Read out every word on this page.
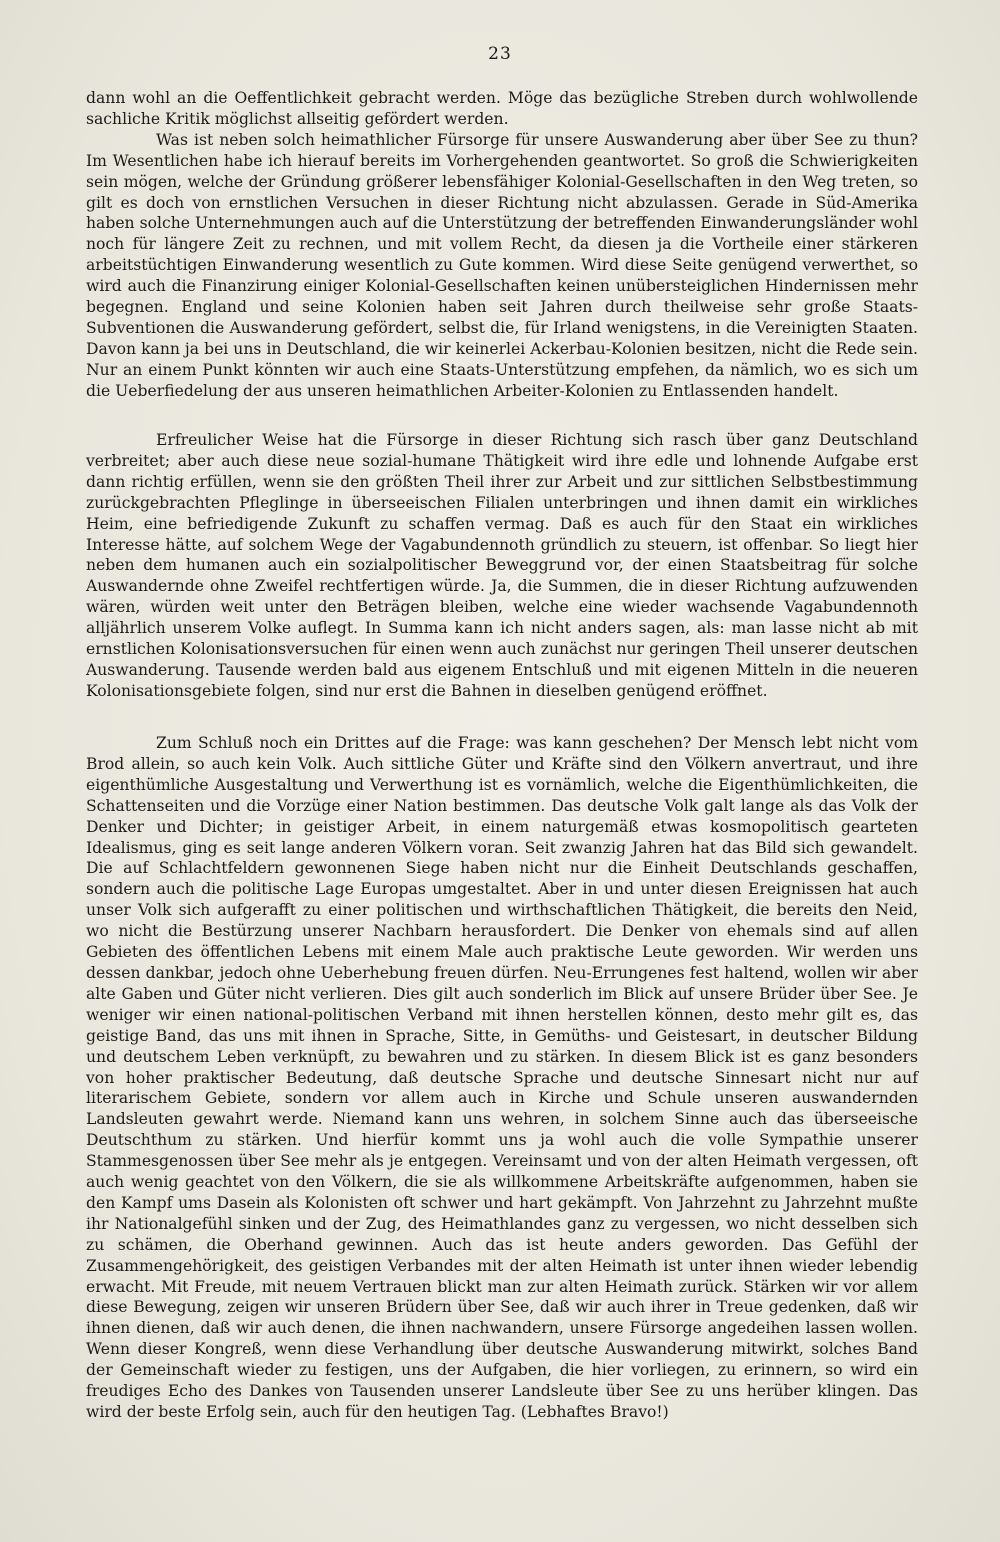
23

dann wohl an die Oeffentlichkeit gebracht werden. Möge das bezügliche Streben durch wohlwollende sachliche Kritik möglichst allseitig gefördert werden.

Was ist neben solch heimathlicher Fürsorge für unsere Auswanderung aber über See zu thun? Im Wesentlichen habe ich hierauf bereits im Vorhergehenden geantwortet. So groß die Schwierigkeiten sein mögen, welche der Gründung größerer lebensfähiger Kolonial-Gesellschaften in den Weg treten, so gilt es doch von ernstlichen Versuchen in dieser Richtung nicht abzulassen. Gerade in Süd-Amerika haben solche Unternehmungen auch auf die Unterstützung der betreffenden Einwanderungsländer wohl noch für längere Zeit zu rechnen, und mit vollem Recht, da diesen ja die Vortheile einer stärkeren arbeitstüchtigen Einwanderung wesentlich zu Gute kommen. Wird diese Seite genügend verwerthet, so wird auch die Finanzirung einiger Kolonial-Gesellschaften keinen unübersteiglichen Hindernissen mehr begegnen. England und seine Kolonien haben seit Jahren durch theilweise sehr große Staats-Subventionen die Auswanderung gefördert, selbst die, für Irland wenigstens, in die Vereinigten Staaten. Davon kann ja bei uns in Deutschland, die wir keinerlei Ackerbau-Kolonien besitzen, nicht die Rede sein. Nur an einem Punkt könnten wir auch eine Staats-Unterstützung empfehen, da nämlich, wo es sich um die Ueberfiedelung der aus unseren heimathlichen Arbeiter-Kolonien zu Entlassenden handelt.

Erfreulicher Weise hat die Fürsorge in dieser Richtung sich rasch über ganz Deutschland verbreitet; aber auch diese neue sozial-humane Thätigkeit wird ihre edle und lohnende Aufgabe erst dann richtig erfüllen, wenn sie den größten Theil ihrer zur Arbeit und zur sittlichen Selbstbestimmung zurückgebrachten Pfleglinge in überseeischen Filialen unterbringen und ihnen damit ein wirkliches Heim, eine befriedigende Zukunft zu schaffen vermag. Daß es auch für den Staat ein wirkliches Interesse hätte, auf solchem Wege der Vagabundennoth gründlich zu steuern, ist offenbar. So liegt hier neben dem humanen auch ein sozialpolitischer Beweggrund vor, der einen Staatsbeitrag für solche Auswandernde ohne Zweifel rechtfertigen würde. Ja, die Summen, die in dieser Richtung aufzuwenden wären, würden weit unter den Beträgen bleiben, welche eine wieder wachsende Vagabundennoth alljährlich unserem Volke auflegt. In Summa kann ich nicht anders sagen, als: man lasse nicht ab mit ernstlichen Kolonisationsversuchen für einen wenn auch zunächst nur geringen Theil unserer deutschen Auswanderung. Tausende werden bald aus eigenem Entschluß und mit eigenen Mitteln in die neueren Kolonisationsgebiete folgen, sind nur erst die Bahnen in dieselben genügend eröffnet.

Zum Schluß noch ein Drittes auf die Frage: was kann geschehen? Der Mensch lebt nicht vom Brod allein, so auch kein Volk. Auch sittliche Güter und Kräfte sind den Völkern anvertraut, und ihre eigenthümliche Ausgestaltung und Verwerthung ist es vornämlich, welche die Eigenthümlichkeiten, die Schattenseiten und die Vorzüge einer Nation bestimmen. Das deutsche Volk galt lange als das Volk der Denker und Dichter; in geistiger Arbeit, in einem naturgemäß etwas kosmopolitisch gearteten Idealismus, ging es seit lange anderen Völkern voran. Seit zwanzig Jahren hat das Bild sich gewandelt. Die auf Schlachtfeldern gewonnenen Siege haben nicht nur die Einheit Deutschlands geschaffen, sondern auch die politische Lage Europas umgestaltet. Aber in und unter diesen Ereignissen hat auch unser Volk sich aufgerafft zu einer politischen und wirthschaftlichen Thätigkeit, die bereits den Neid, wo nicht die Bestürzung unserer Nachbarn herausfordert. Die Denker von ehemals sind auf allen Gebieten des öffentlichen Lebens mit einem Male auch praktische Leute geworden. Wir werden uns dessen dankbar, jedoch ohne Ueberhebung freuen dürfen. Neu-Errungenes fest haltend, wollen wir aber alte Gaben und Güter nicht verlieren. Dies gilt auch sonderlich im Blick auf unsere Brüder über See. Je weniger wir einen national-politischen Verband mit ihnen herstellen können, desto mehr gilt es, das geistige Band, das uns mit ihnen in Sprache, Sitte, in Gemüths- und Geistesart, in deutscher Bildung und deutschem Leben verknüpft, zu bewahren und zu stärken. In diesem Blick ist es ganz besonders von hoher praktischer Bedeutung, daß deutsche Sprache und deutsche Sinnesart nicht nur auf literarischem Gebiete, sondern vor allem auch in Kirche und Schule unseren auswandernden Landsleuten gewahrt werde. Niemand kann uns wehren, in solchem Sinne auch das überseeische Deutschthum zu stärken. Und hierfür kommt uns ja wohl auch die volle Sympathie unserer Stammesgenossen über See mehr als je entgegen. Vereinsamt und von der alten Heimath vergessen, oft auch wenig geachtet von den Völkern, die sie als willkommene Arbeitskräfte aufgenommen, haben sie den Kampf ums Dasein als Kolonisten oft schwer und hart gekämpft. Von Jahrzehnt zu Jahrzehnt mußte ihr Nationalgefühl sinken und der Zug, des Heimathlandes ganz zu vergessen, wo nicht desselben sich zu schämen, die Oberhand gewinnen. Auch das ist heute anders geworden. Das Gefühl der Zusammengehörigkeit, des geistigen Verbandes mit der alten Heimath ist unter ihnen wieder lebendig erwacht. Mit Freude, mit neuem Vertrauen blickt man zur alten Heimath zurück. Stärken wir vor allem diese Bewegung, zeigen wir unseren Brüdern über See, daß wir auch ihrer in Treue gedenken, daß wir ihnen dienen, daß wir auch denen, die ihnen nachwandern, unsere Fürsorge angedeihen lassen wollen. Wenn dieser Kongreß, wenn diese Verhandlung über deutsche Auswanderung mitwirkt, solches Band der Gemeinschaft wieder zu festigen, uns der Aufgaben, die hier vorliegen, zu erinnern, so wird ein freudiges Echo des Dankes von Tausenden unserer Landsleute über See zu uns herüber klingen. Das wird der beste Erfolg sein, auch für den heutigen Tag. (Lebhaftes Bravo!)
